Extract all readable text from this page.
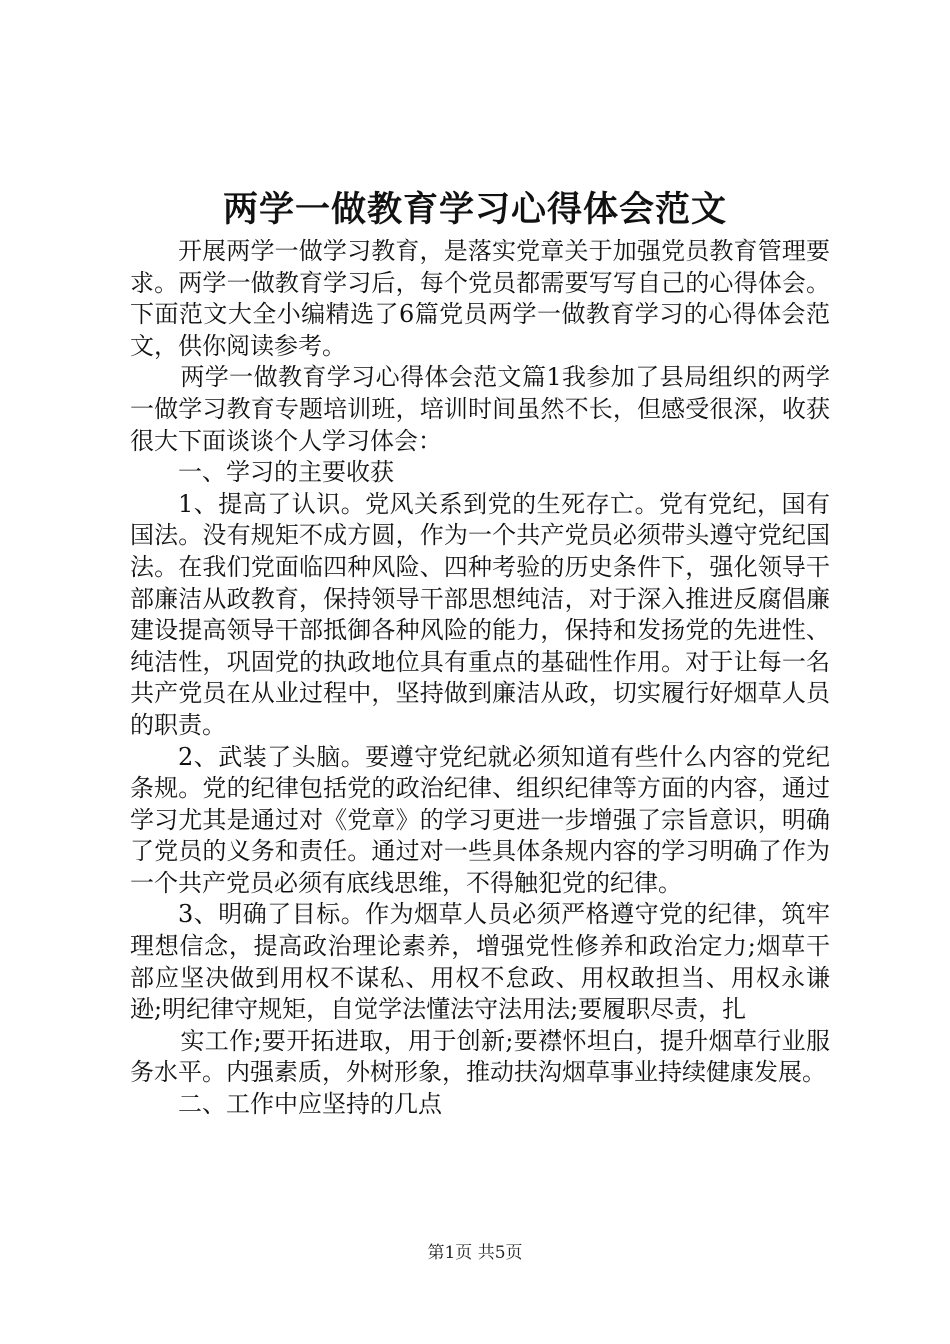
两学一做教育学习心得体会范文

开展两学一做学习教育，是落实党章关于加强党员教育管理要求。两学一做教育学习后，每个党员都需要写写自己的心得体会。下面范文大全小编精选了6篇党员两学一做教育学习的心得体会范文，供你阅读参考。

两学一做教育学习心得体会范文篇1我参加了县局组织的两学一做学习教育专题培训班，培训时间虽然不长，但感受很深，收获很大下面谈谈个人学习体会：

一、学习的主要收获

1、提高了认识。党风关系到党的生死存亡。党有党纪，国有国法。没有规矩不成方圆，作为一个共产党员必须带头遵守党纪国法。在我们党面临四种风险、四种考验的历史条件下，强化领导干部廉洁从政教育，保持领导干部思想纯洁，对于深入推进反腐倡廉建设提高领导干部抵御各种风险的能力，保持和发扬党的先进性、纯洁性，巩固党的执政地位具有重点的基础性作用。对于让每一名共产党员在从业过程中，坚持做到廉洁从政，切实履行好烟草人员的职责。

2、武装了头脑。要遵守党纪就必须知道有些什么内容的党纪条规。党的纪律包括党的政治纪律、组织纪律等方面的内容，通过学习尤其是通过对《党章》的学习更进一步增强了宗旨意识，明确了党员的义务和责任。通过对一些具体条规内容的学习明确了作为一个共产党员必须有底线思维，不得触犯党的纪律。

3、明确了目标。作为烟草人员必须严格遵守党的纪律，筑牢理想信念，提高政治理论素养，增强党性修养和政治定力;烟草干部应坚决做到用权不谋私、用权不怠政、用权敢担当、用权永谦逊;明纪律守规矩，自觉学法懂法守法用法;要履职尽责，扎

实工作;要开拓进取，用于创新;要襟怀坦白，提升烟草行业服务水平。内强素质，外树形象，推动扶沟烟草事业持续健康发展。

二、工作中应坚持的几点

第1页 共5页
